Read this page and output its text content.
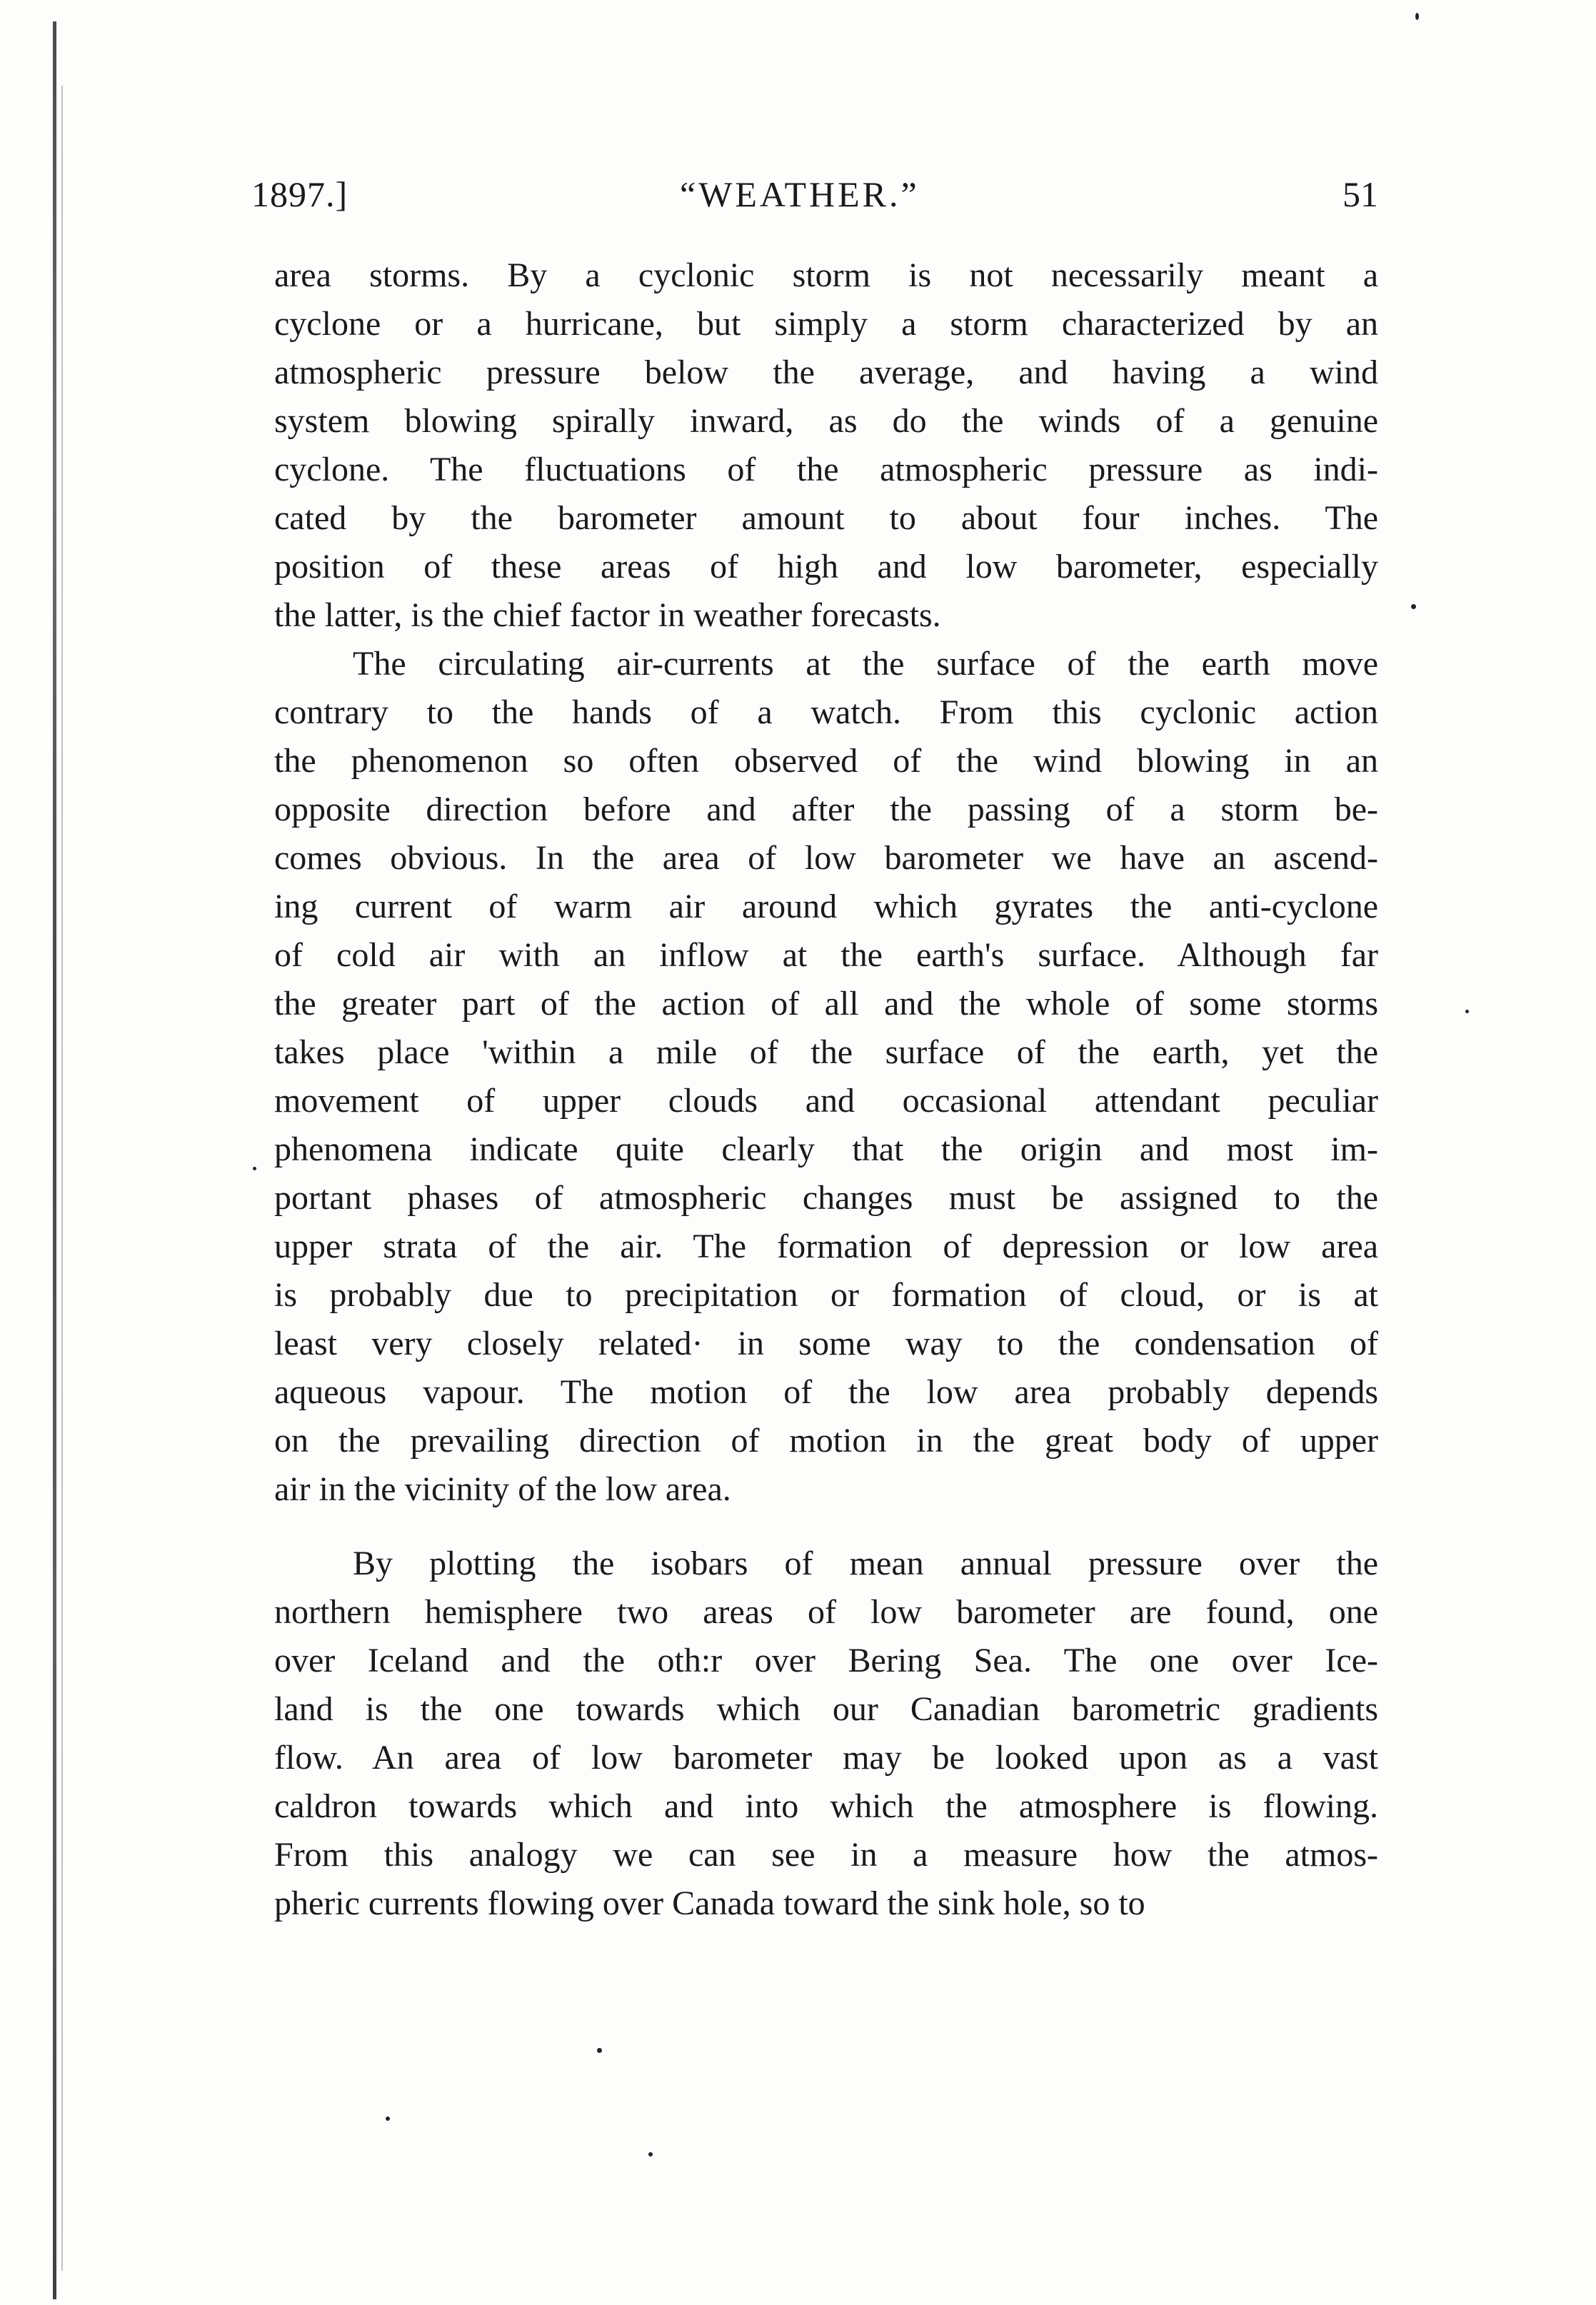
1897.]	“WEATHER.”	51
area storms. By a cyclonic storm is not necessarily meant a
cyclone or a hurricane, but simply a storm characterized by an
atmospheric pressure below the average, and having a wind
system blowing spirally inward, as do the winds of a genuine
cyclone. The fluctuations of the atmospheric pressure as indi-
cated by the barometer amount to about four inches. The
position of these areas of high and low barometer, especially
the latter, is the chief factor in weather forecasts.
The circulating air-currents at the surface of the earth move
contrary to the hands of a watch. From this cyclonic action
the phenomenon so often observed of the wind blowing in an
opposite direction before and after the passing of a storm be-
comes obvious. In the area of low barometer we have an ascend-
ing current of warm air around which gyrates the anti-cyclone
of cold air with an inflow at the earth's surface. Although far
the greater part of the action of all and the whole of some storms
takes place 'within a mile of the surface of the earth, yet the
movement of upper clouds and occasional attendant peculiar
phenomena indicate quite clearly that the origin and most im-
portant phases of atmospheric changes must be assigned to the
upper strata of the air. The formation of depression or low area
is probably due to precipitation or formation of cloud, or is at
least very closely related· in some way to the condensation of
aqueous vapour. The motion of the low area probably depends
on the prevailing direction of motion in the great body of upper
air in the vicinity of the low area.
By plotting the isobars of mean annual pressure over the
northern hemisphere two areas of low barometer are found, one
over Iceland and the oth:r over Bering Sea. The one over Ice-
land is the one towards which our Canadian barometric gradients
flow. An area of low barometer may be looked upon as a vast
caldron towards which and into which the atmosphere is flowing.
From this analogy we can see in a measure how the atmos-
pheric currents flowing over Canada toward the sink hole, so to
